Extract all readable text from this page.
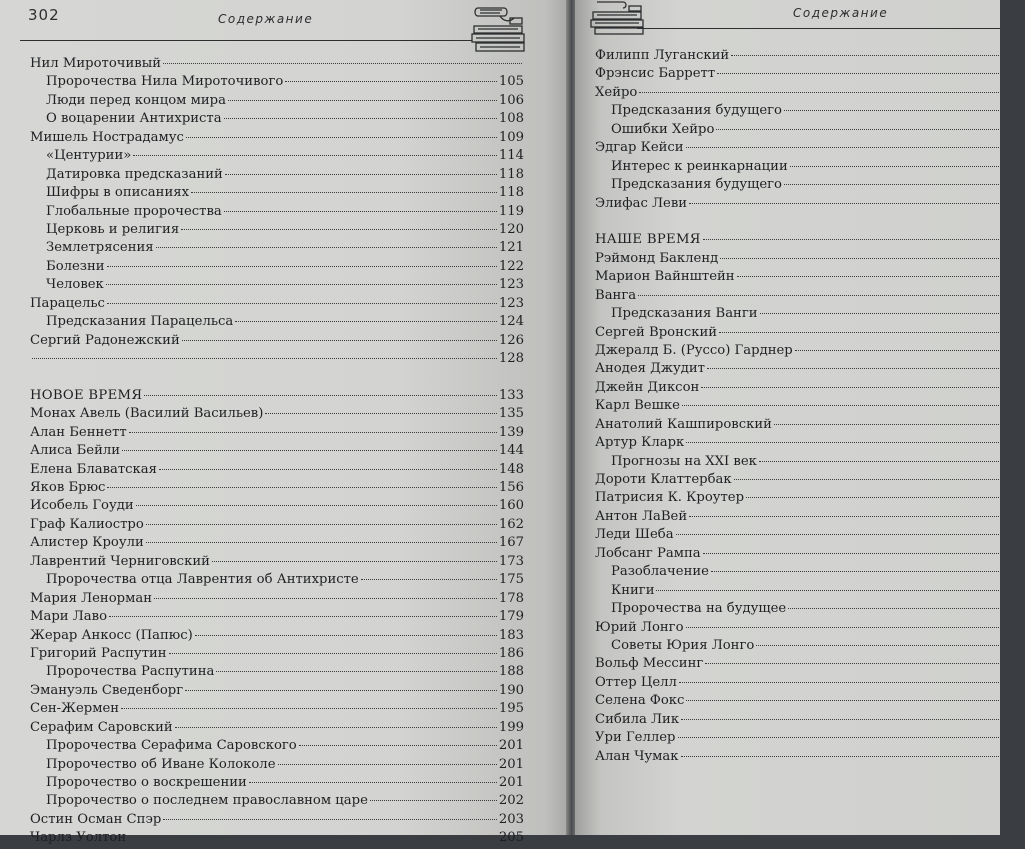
302	Содержание
Нил Мироточивый
Пророчества Нила Мироточивого	105
Люди перед концом мира	106
О воцарении Антихриста	108
Мишель Нострадамус	109
«Центурии»	114
Датировка предсказаний	118
Шифры в описаниях	118
Глобальные пророчества	119
Церковь и религия	120
Землетрясения	121
Болезни	122
Человек	123
Парацельс	123
Предсказания Парацельса	124
Сергий Радонежский	126
128
НОВОЕ ВРЕМЯ	133
Монах Авель (Василий Васильев)	135
Алан Беннетт	139
Алиса Бейли	144
Елена Блаватская	148
Яков Брюс	156
Исобель Гоуди	160
Граф Калиостро	162
Алистер Кроули	167
Лаврентий Черниговский	173
Пророчества отца Лаврентия об Антихристе	175
Мария Ленорман	178
Мари Лаво	179
Жерар Анкосс (Папюс)	183
Григорий Распутин	186
Пророчества Распутина	188
Эмануэль Сведенборг	190
Сен-Жермен	195
Серафим Саровский	199
Пророчества Серафима Саровского	201
Пророчество об Иване Колоколе	201
Пророчество о воскрешении	201
Пророчество о последнем православном царе	202
Остин Осман Спэр	203
Чарлз Уолтон	205
Содержание
Филипп Луганский
Фрэнсис Барретт
Хейро
Предсказания будущего
Ошибки Хейро
Эдгар Кейси
Интерес к реинкарнации
Предсказания будущего
Элифас Леви
НАШЕ ВРЕМЯ
Рэймонд Бакленд
Марион Вайнштейн
Ванга
Предсказания Ванги
Сергей Вронский
Джералд Б. (Руссо) Гарднер
Анодея Джудит
Джейн Диксон
Карл Вешке
Анатолий Кашпировский
Артур Кларк
Прогнозы на XXI век
Дороти Клаттербак
Патрисия К. Кроутер
Антон ЛаВей
Леди Шеба
Лобсанг Рампа
Разоблачение
Книги
Пророчества на будущее
Юрий Лонго
Советы Юрия Лонго
Вольф Мессинг
Оттер Целл
Селена Фокс
Сибила Лик
Ури Геллер
Алан Чумак
